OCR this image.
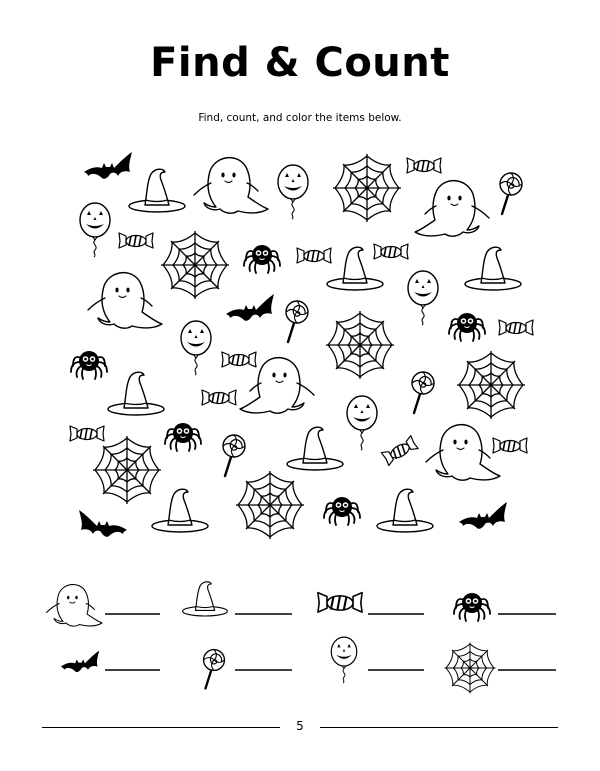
Find & Count
Find, count, and color the items below.
5
